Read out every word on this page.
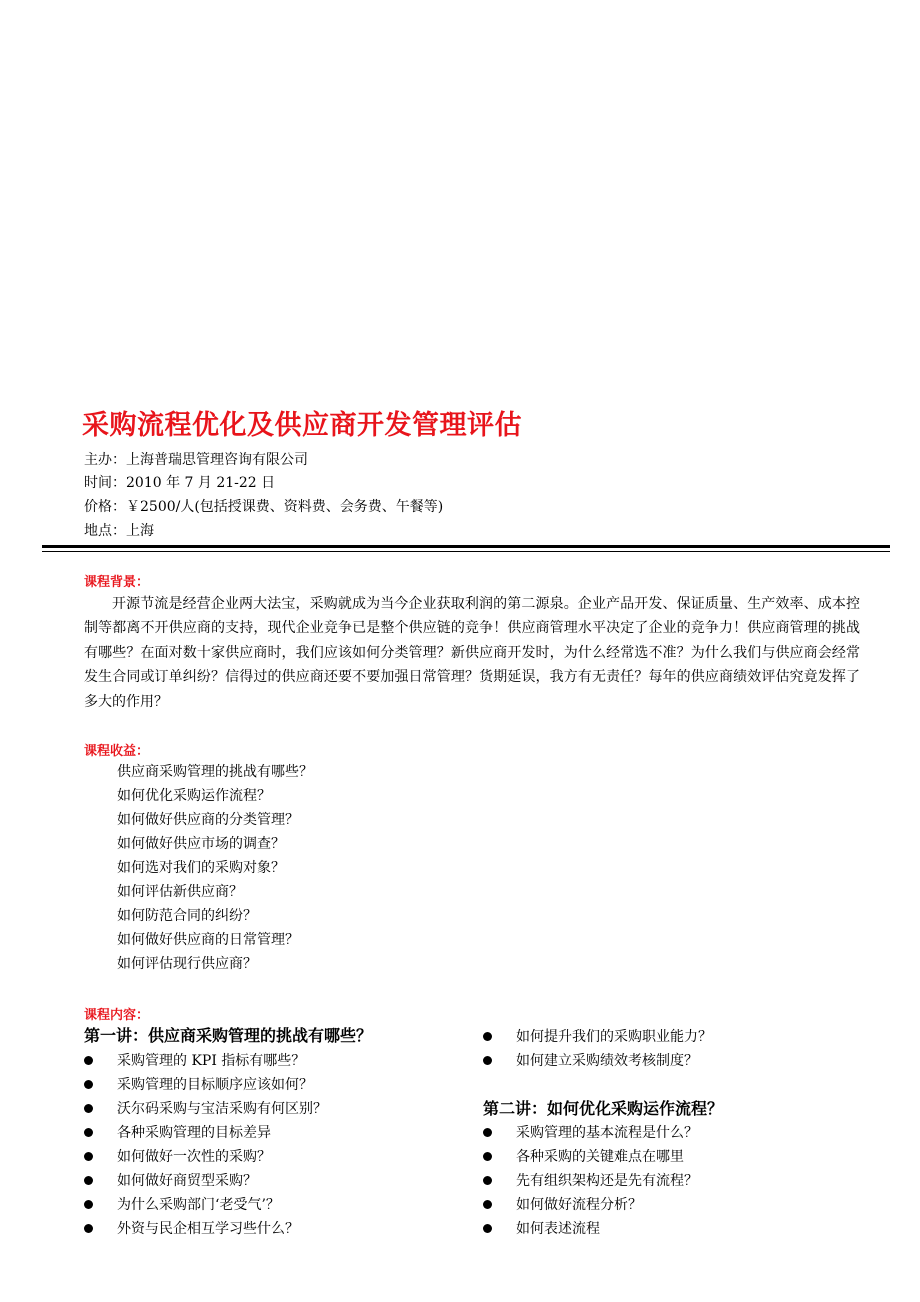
采购流程优化及供应商开发管理评估
主办：上海普瑞思管理咨询有限公司
时间：2010 年 7 月 21-22 日
价格：￥2500/人(包括授课费、资料费、会务费、午餐等)
地点：上海
课程背景：

开源节流是经营企业两大法宝，采购就成为当今企业获取利润的第二源泉。企业产品开发、保证质量、生产效率、成本控制等都离不开供应商的支持，现代企业竞争已是整个供应链的竞争！供应商管理水平决定了企业的竞争力！供应商管理的挑战有哪些？在面对数十家供应商时，我们应该如何分类管理？新供应商开发时，为什么经常选不准？为什么我们与供应商会经常发生合同或订单纠纷？信得过的供应商还要不要加强日常管理？货期延误，我方有无责任？每年的供应商绩效评估究竟发挥了多大的作用？

课程收益：
供应商采购管理的挑战有哪些？
如何优化采购运作流程？
如何做好供应商的分类管理？
如何做好供应市场的调查？
如何选对我们的采购对象？
如何评估新供应商？
如何防范合同的纠纷？
如何做好供应商的日常管理？
如何评估现行供应商？
课程内容：
第一讲：供应商采购管理的挑战有哪些？
采购管理的 KPI 指标有哪些？
采购管理的目标顺序应该如何？
沃尔码采购与宝洁采购有何区别？
各种采购管理的目标差异
如何做好一次性的采购？
如何做好商贸型采购？
为什么采购部门‘老受气’？
外资与民企相互学习些什么？
如何提升我们的采购职业能力？
如何建立采购绩效考核制度？
第二讲：如何优化采购运作流程？
采购管理的基本流程是什么？
各种采购的关键难点在哪里
先有组织架构还是先有流程？
如何做好流程分析？
如何表述流程
